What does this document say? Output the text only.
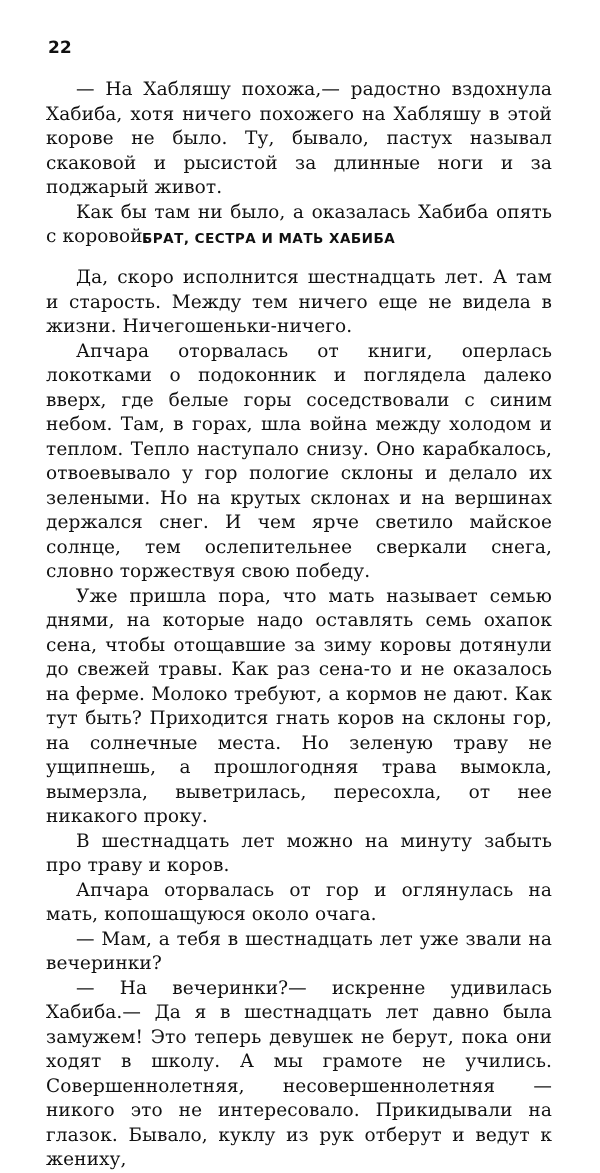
22

— На Хабляшу похожа,— радостно вздохнула Хабиба, хотя ничего похожего на Хабляшу в этой корове не было. Ту, бывало, пастух называл скаковой и рысистой за длинные ноги и за поджарый живот.

Как бы там ни было, а оказалась Хабиба опять с коровой.

БРАТ, СЕСТРА И МАТЬ ХАБИБА

Да, скоро исполнится шестнадцать лет. А там и старость. Между тем ничего еще не видела в жизни. Ничегошеньки-ничего.

Апчара оторвалась от книги, оперлась локотками о подоконник и поглядела далеко вверх, где белые горы соседствовали с синим небом. Там, в горах, шла война между холодом и теплом. Тепло наступало снизу. Оно карабкалось, отвоевывало у гор пологие склоны и делало их зелеными. Но на крутых склонах и на вершинах держался снег. И чем ярче светило майское солнце, тем ослепительнее сверкали снега, словно торжествуя свою победу.

Уже пришла пора, что мать называет семью днями, на которые надо оставлять семь охапок сена, чтобы отощавшие за зиму коровы дотянули до свежей травы. Как раз сена-то и не оказалось на ферме. Молоко требуют, а кормов не дают. Как тут быть? Приходится гнать коров на склоны гор, на солнечные места. Но зеленую траву не ущипнешь, а прошлогодняя трава вымокла, вымерзла, выветрилась, пересохла, от нее никакого проку.

В шестнадцать лет можно на минуту забыть про траву и коров.

Апчара оторвалась от гор и оглянулась на мать, копошащуюся около очага.

— Мам, а тебя в шестнадцать лет уже звали на вечеринки?

— На вечеринки?— искренне удивилась Хабиба.— Да я в шестнадцать лет давно была замужем! Это теперь девушек не берут, пока они ходят в школу. А мы грамоте не учились. Совершеннолетняя, несовершеннолетняя — никого это не интересовало. Прикидывали на глазок. Бывало, куклу из рук отберут и ведут к жениху,
